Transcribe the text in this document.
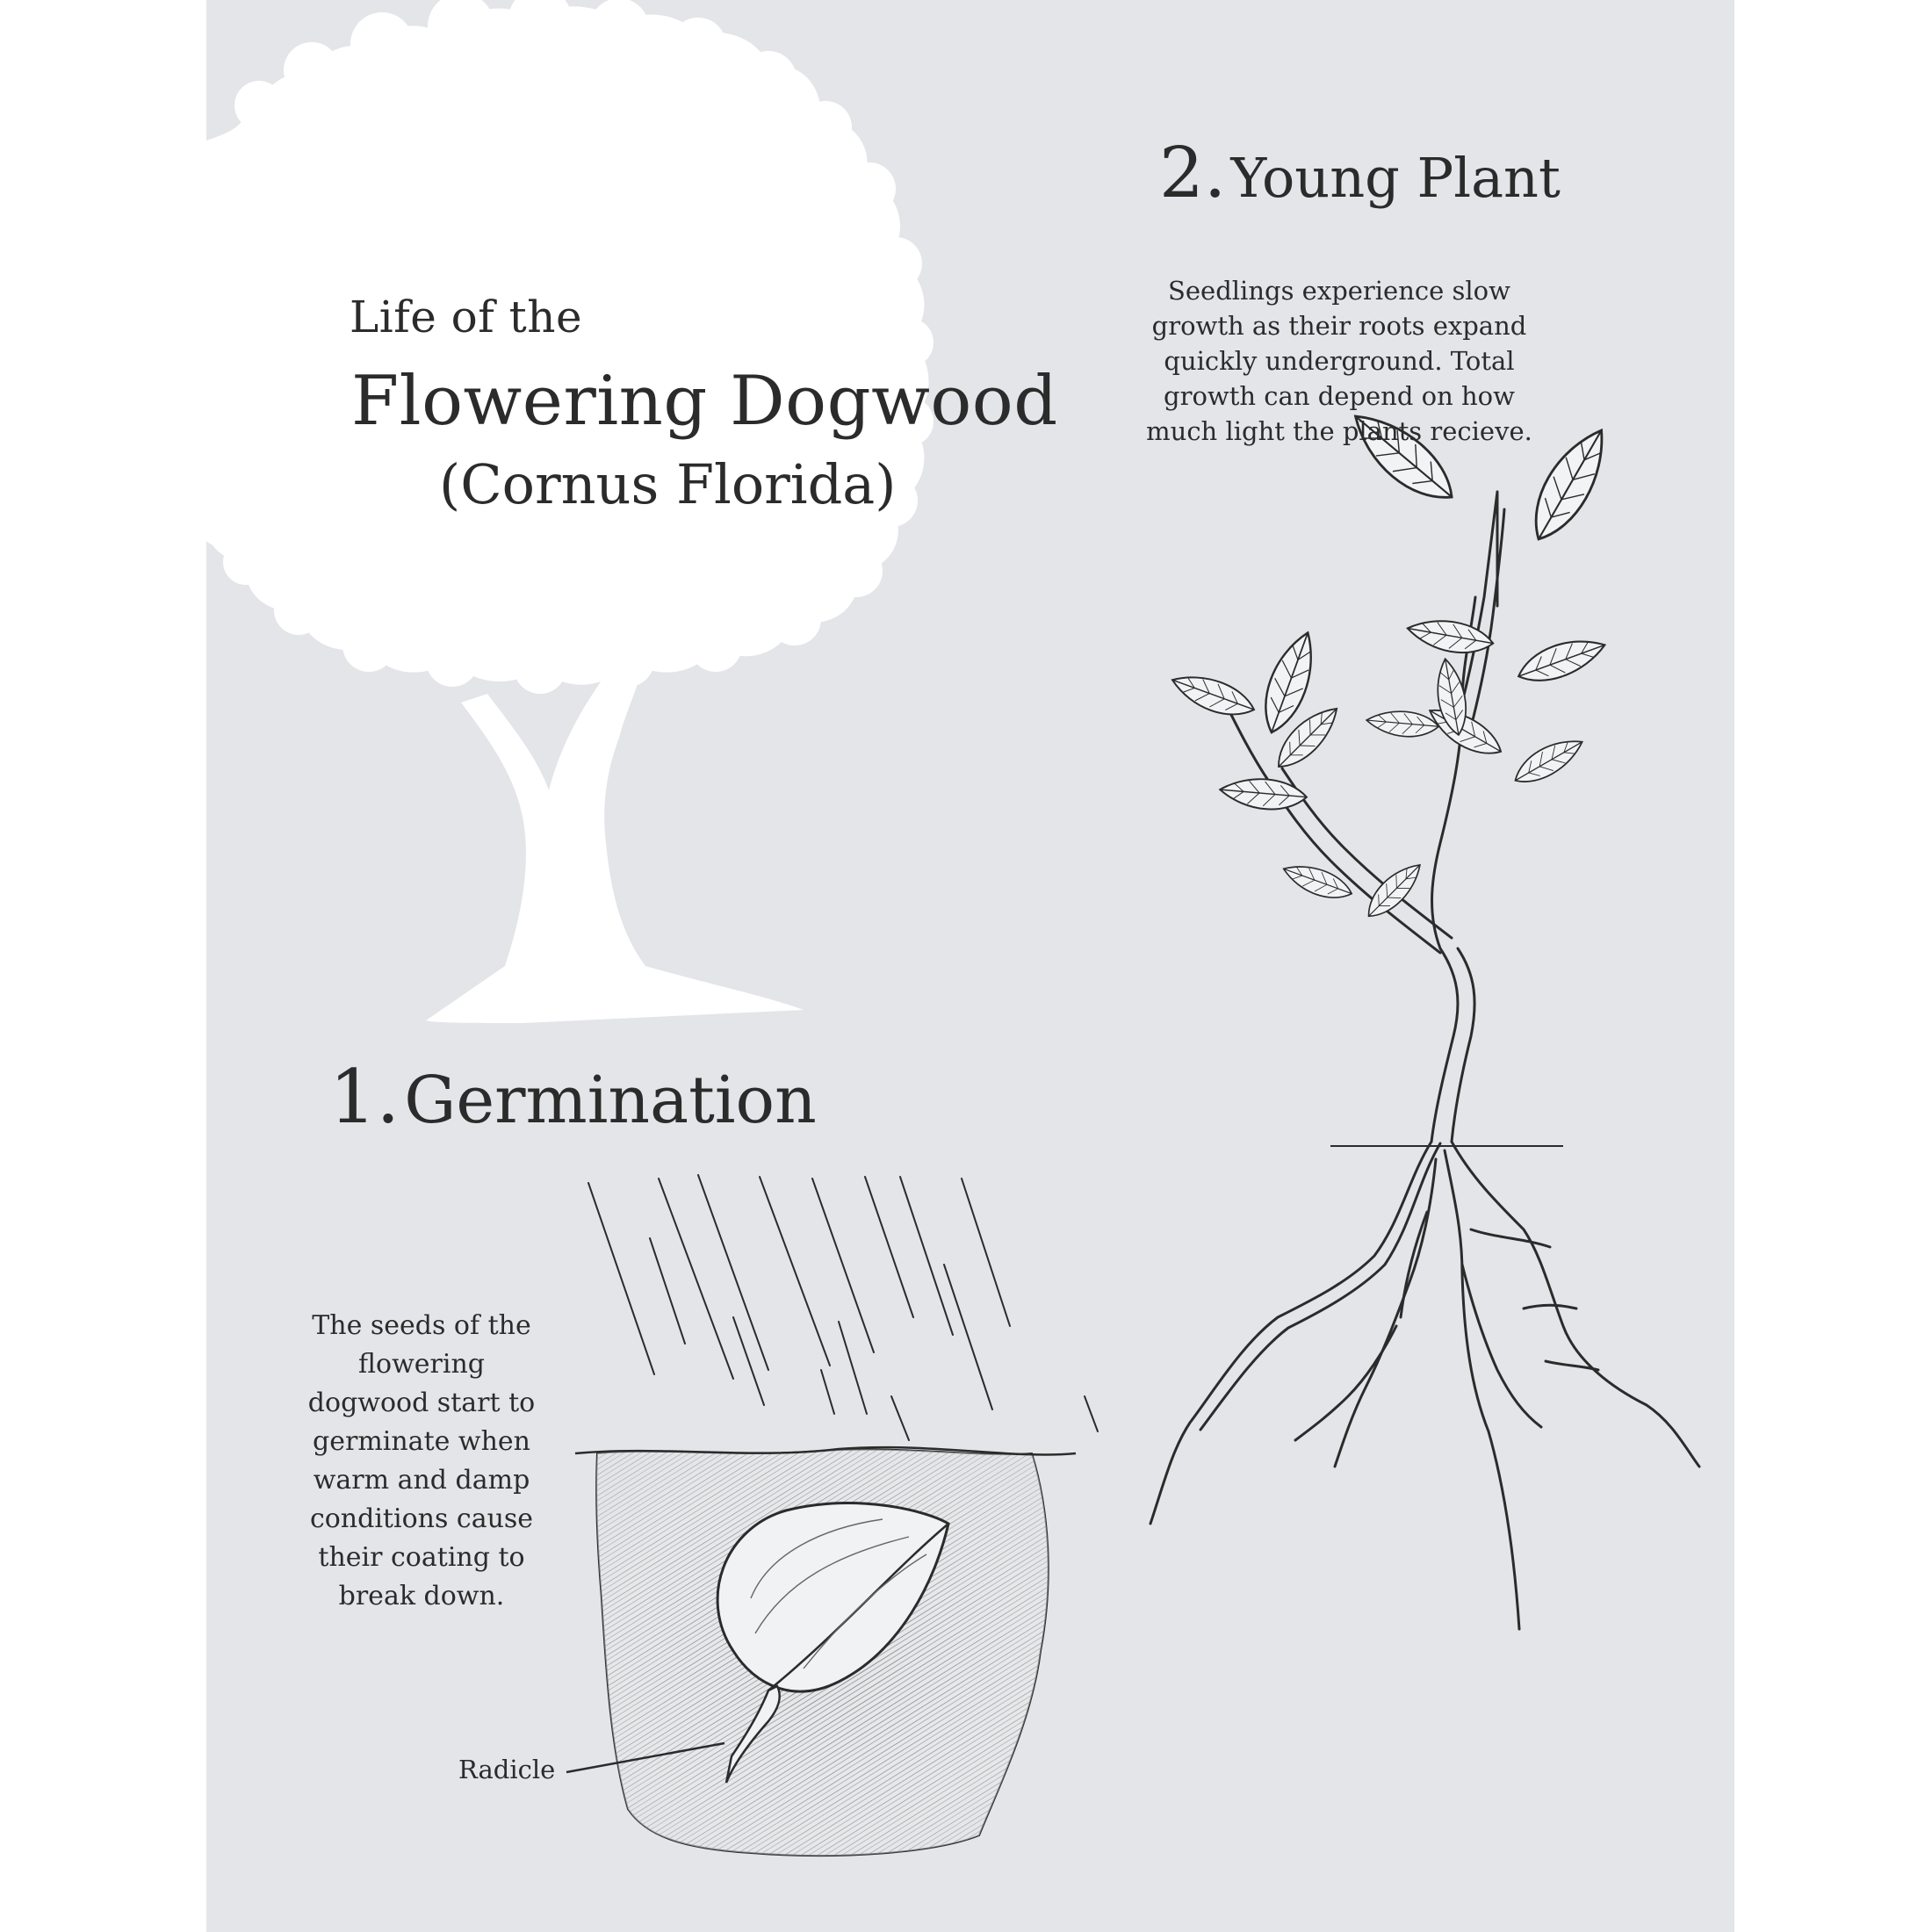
Life of the

Flowering Dogwood

(Cornus Florida)

2. Young Plant

Seedlings experience slow growth as their roots expand quickly underground. Total growth can depend on how much light the plants recieve.

1. Germination

The seeds of the flowering dogwood start to germinate when warm and damp conditions cause their coating to break down.

Radicle
